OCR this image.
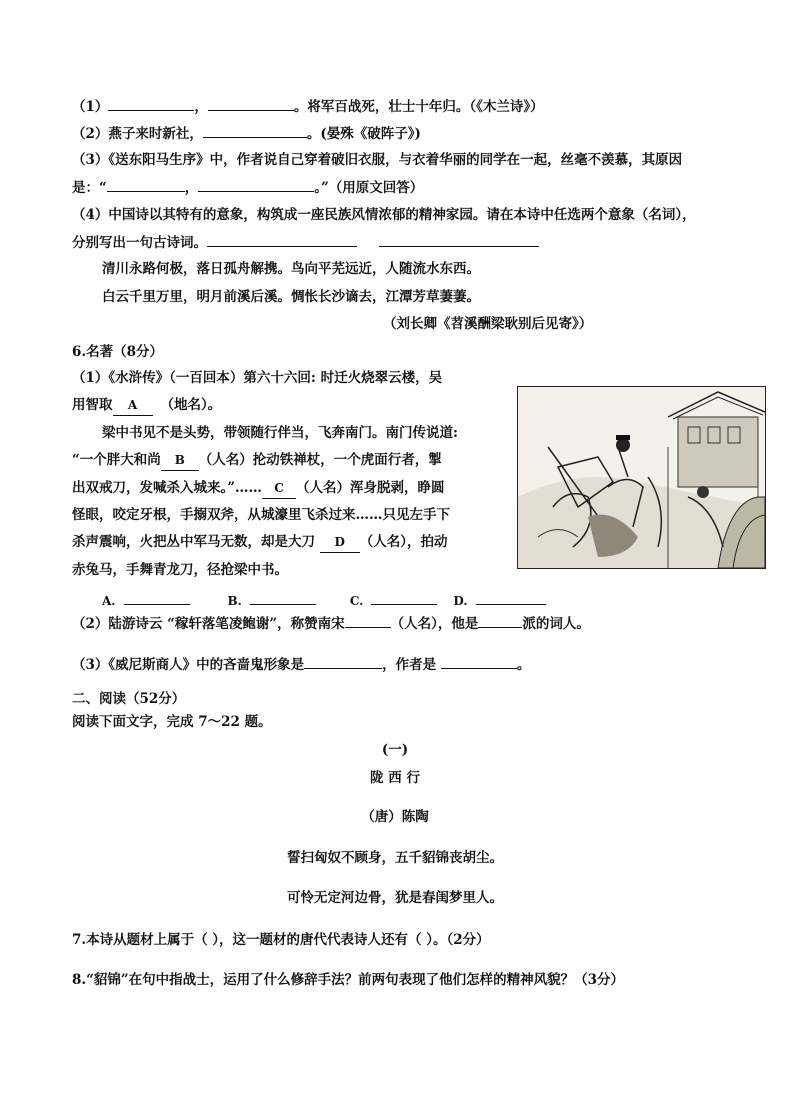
（1）	，	。将军百战死，壮士十年归。（《木兰诗》）
（2）燕子来时新社，	。(晏殊《破阵子》)
（3）《送东阳马生序》中，作者说自己穿着破旧衣服，与衣着华丽的同学在一起，丝毫不羡慕，其原因
是：“	，	。”（用原文回答）
（4）中国诗以其特有的意象，构筑成一座民族风情浓郁的精神家园。请在本诗中任选两个意象（名词），
分别写出一句古诗词。
清川永路何极，落日孤舟解携。鸟向平芜远近，人随流水东西。
白云千里万里，明月前溪后溪。惆怅长沙谪去，江潭芳草萋萋。
（刘长卿《苕溪酬梁耿别后见寄》）
6.名著（8分）
（1）《水浒传》（一百回本）第六十六回: 时迁火烧翠云楼，吴
用智取 A （地名）。
梁中书见不是头势，带领随行伴当，飞奔南门。南门传说道:
“一个胖大和尚 B （人名）抡动铁禅杖，一个虎面行者，掣
出双戒刀，发喊杀入城来。”…… C （人名）浑身脱剥，睁圆
怪眼，咬定牙根，手搦双斧，从城濠里飞杀过来……只见左手下
杀声震响，火把丛中军马无数，却是大刀 D （人名），拍动
赤兔马，手舞青龙刀，径抢梁中书。
A.	B.	C.	D.
（2）陆游诗云 “稼轩落笔凌鲍谢”，称赞南宋	（人名），他是	派的词人。
（3）《威尼斯商人》中的吝啬鬼形象是	，作者是	。
二、阅读（52分）
阅读下面文字，完成 7～22 题。
(一)
陇 西 行
（唐）陈陶
誓扫匈奴不顾身，五千貂锦丧胡尘。
可怜无定河边骨，犹是春闺梦里人。
7.本诗从题材上属于（ ），这一题材的唐代代表诗人还有（ ）。（2分）
8.“貂锦”在句中指战士，运用了什么修辞手法？前两句表现了他们怎样的精神风貌？（3分）
